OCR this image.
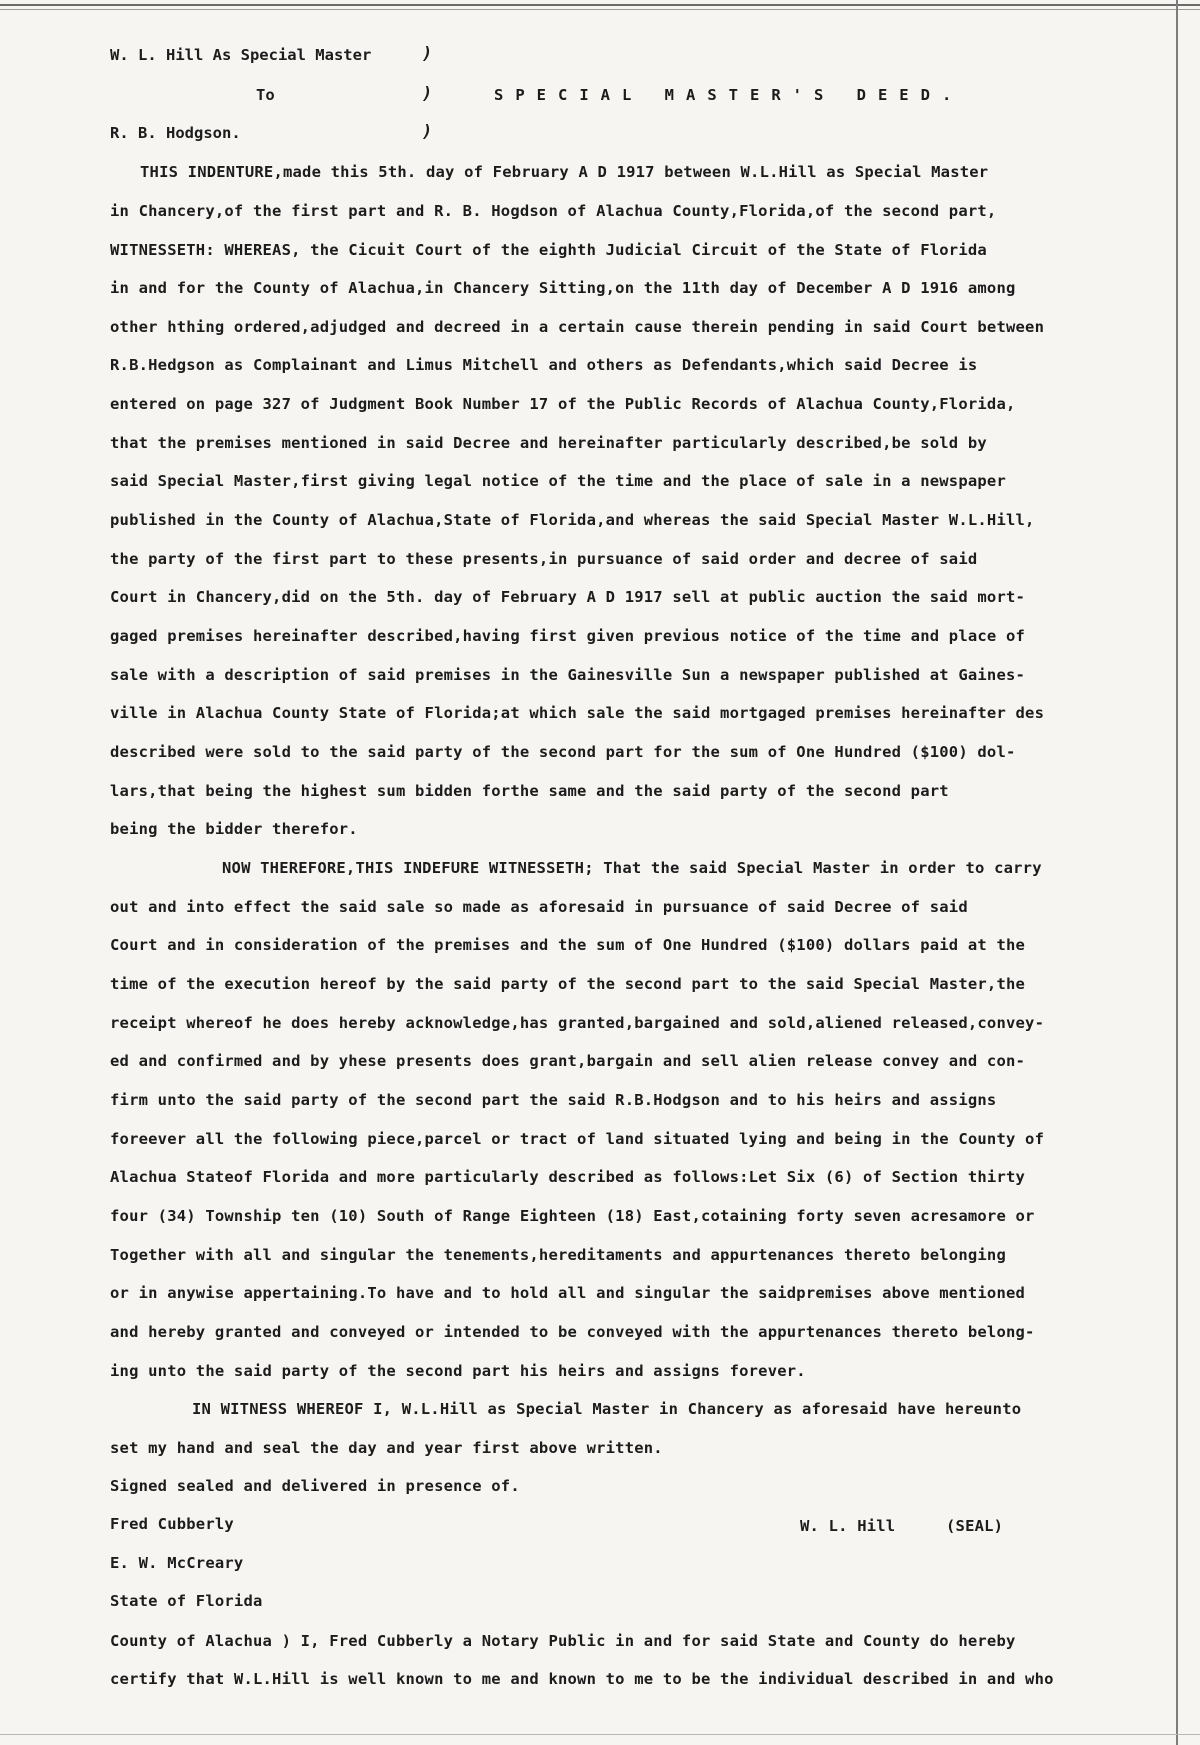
W. L. Hill As Special Master	)
To	)	SPECIAL MASTER'S DEED.
R. B. Hodgson.	)
THIS INDENTURE,made this 5th. day of February A D 1917 between W.L.Hill as Special Master
in Chancery,of the first part and R. B. Hogdson of Alachua County,Florida,of the second part,
WITNESSETH: WHEREAS, the Cicuit Court of the eighth Judicial Circuit of the State of Florida
in and for the County of Alachua,in Chancery Sitting,on the 11th day of December A D 1916 among
other hthing ordered,adjudged and decreed in a certain cause therein pending in said Court between
R.B.Hedgson as Complainant and Limus Mitchell and others as Defendants,which said Decree is
entered on page 327 of Judgment Book Number 17 of the Public Records of Alachua County,Florida,
that the premises mentioned in said Decree and hereinafter particularly described,be sold by
said Special Master,first giving legal notice of the time and the place of sale in a newspaper
published in the County of Alachua,State of Florida,and whereas the said Special Master W.L.Hill,
the party of the first part to these presents,in pursuance of said order and decree of said
Court in Chancery,did on the 5th. day of February A D 1917 sell at public auction the said mort-
gaged premises hereinafter described,having first given previous notice of the time and place of
sale with a description of said premises in the Gainesville Sun a newspaper published at Gaines-
ville in Alachua County State of Florida;at which sale the said mortgaged premises hereinafter des
described were sold to the said party of the second part for the sum of One Hundred ($100) dol-
lars,that being the highest sum bidden forthe same and the said party of the second part
being the bidder therefor.
NOW THEREFORE,THIS INDEFURE WITNESSETH; That the said Special Master in order to carry
out and into effect the said sale so made as aforesaid in pursuance of said Decree of said
Court and in consideration of the premises and the sum of One Hundred ($100) dollars paid at the
time of the execution hereof by the said party of the second part to the said Special Master,the
receipt whereof he does hereby acknowledge,has granted,bargained and sold,aliened released,convey-
ed and confirmed and by yhese presents does grant,bargain and sell alien release convey and con-
firm unto the said party of the second part the said R.B.Hodgson and to his heirs and assigns
foreever all the following piece,parcel or tract of land situated lying and being in the County of
Alachua Stateof Florida and more particularly described as follows:Let Six (6) of Section thirty
four (34) Township ten (10) South of Range Eighteen (18) East,cotaining forty seven acresamore or
Together with all and singular the tenements,hereditaments and appurtenances thereto belonging
or in anywise appertaining.To have and to hold all and singular the saidpremises above mentioned
and hereby granted and conveyed or intended to be conveyed with the appurtenances thereto belong-
ing unto the said party of the second part his heirs and assigns forever.
IN WITNESS WHEREOF I, W.L.Hill as Special Master in Chancery as aforesaid have hereunto
set my hand and seal the day and year first above written.
Signed sealed and delivered in presence of.
Fred Cubberly	W. L. Hill	(SEAL)
E. W. McCreary
State of Florida
County of Alachua ) I, Fred Cubberly a Notary Public in and for said State and County do hereby
certify that W.L.Hill is well known to me and known to me to be the individual described in and who
